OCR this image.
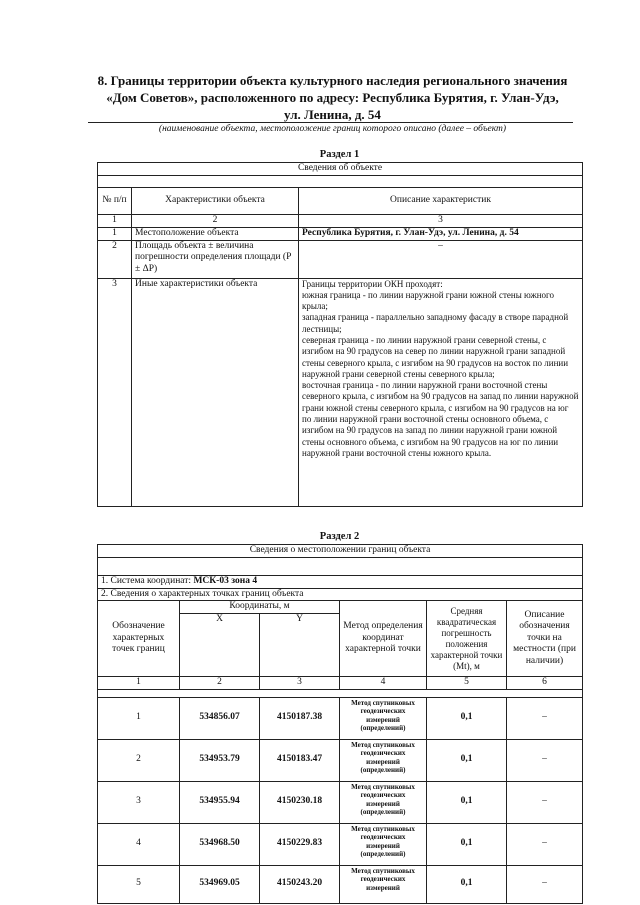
8. Границы территории объекта культурного наследия регионального значения
«Дом Советов», расположенного по адресу: Республика Бурятия, г. Улан-Удэ,
ул. Ленина, д. 54
(наименование объекта, местоположение границ которого описано (далее – объект)
Раздел 1
Сведения об объекте		

№ п/п	Характеристики объекта	Описание характеристик
1	2	3
1	Местоположение объекта	Республика Бурятия, г. Улан-Удэ, ул. Ленина, д. 54
2	Площадь объекта ± величина погрешности определения площади (P ± ΔP)	–
3	Иные характеристики объекта	Границы территории ОКН проходят:
южная граница - по линии наружной грани южной стены южного крыла;
западная граница - параллельно западному фасаду в створе парадной лестницы;
северная граница - по линии наружной грани северной стены, с изгибом на 90 градусов на север по линии наружной грани западной стены северного крыла, с изгибом на 90 градусов на восток по линии наружной грани северной стены северного крыла;
восточная граница - по линии наружной грани восточной стены северного крыла, с изгибом на 90 градусов на запад по линии наружной грани южной стены северного крыла, с изгибом на 90 градусов на юг по линии наружной грани восточной стены основного объема, с изгибом на 90 градусов на запад по линии наружной грани южной стены основного объема, с изгибом на 90 градусов на юг по линии наружной грани восточной стены южного крыла.
Раздел 2
Сведения о местоположении границ объекта					

1. Система координат: МСК-03 зона 4					
2. Сведения о характерных точках границ объекта					
Обозначение характерных точек границ	Координаты, м		Метод определения координат характерной точки	Средняя квадратическая погрешность положения характерной точки (Mt), м	Описание обозначения точки на местности (при наличии)
	X	Y			
1	2	3	4	5	6

1	534856.07	4150187.38	Метод спутниковых геодезических измерений (определений)	0,1	–
2	534953.79	4150183.47	Метод спутниковых геодезических измерений (определений)	0,1	–
3	534955.94	4150230.18	Метод спутниковых геодезических измерений (определений)	0,1	–
4	534968.50	4150229.83	Метод спутниковых геодезических измерений (определений)	0,1	–
5	534969.05	4150243.20	Метод спутниковых геодезических измерений	0,1	–
